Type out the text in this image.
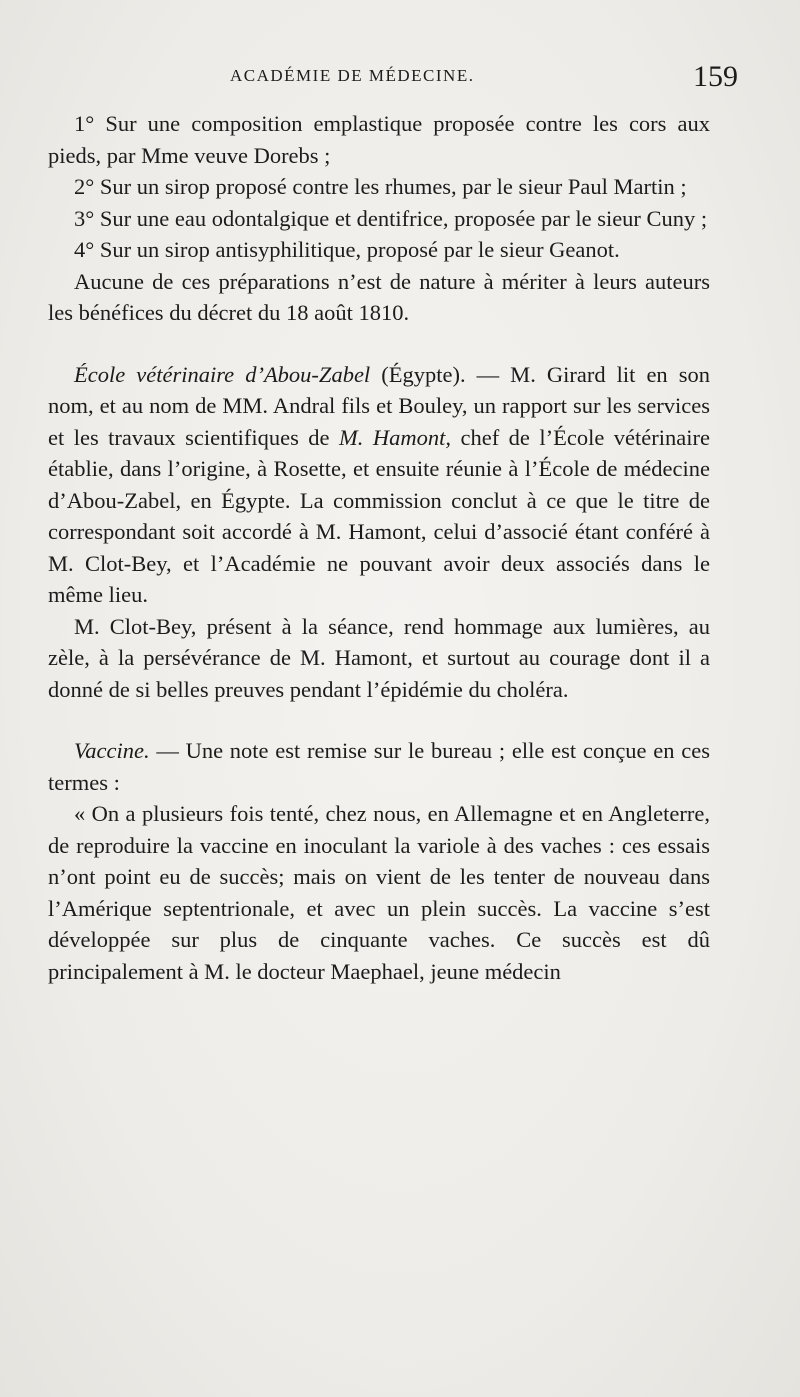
ACADÉMIE DE MÉDECINE.	159

1° Sur une composition emplastique proposée contre les cors aux pieds, par Mme veuve Dorebs ;

2° Sur un sirop proposé contre les rhumes, par le sieur Paul Martin ;

3° Sur une eau odontalgique et dentifrice, proposée par le sieur Cuny ;

4° Sur un sirop antisyphilitique, proposé par le sieur Geanot.

Aucune de ces préparations n’est de nature à mériter à leurs auteurs les bénéfices du décret du 18 août 1810.

École vétérinaire d’Abou-Zabel (Égypte). — M. Girard lit en son nom, et au nom de MM. Andral fils et Bouley, un rapport sur les services et les travaux scientifiques de M. Hamont, chef de l’École vétérinaire établie, dans l’origine, à Rosette, et ensuite réunie à l’École de médecine d’Abou-Zabel, en Égypte. La commission conclut à ce que le titre de correspondant soit accordé à M. Hamont, celui d’associé étant conféré à M. Clot-Bey, et l’Académie ne pouvant avoir deux associés dans le même lieu.

M. Clot-Bey, présent à la séance, rend hommage aux lumières, au zèle, à la persévérance de M. Hamont, et surtout au courage dont il a donné de si belles preuves pendant l’épidémie du choléra.

Vaccine. — Une note est remise sur le bureau ; elle est conçue en ces termes :

« On a plusieurs fois tenté, chez nous, en Allemagne et en Angleterre, de reproduire la vaccine en inoculant la variole à des vaches : ces essais n’ont point eu de succès; mais on vient de les tenter de nouveau dans l’Amérique septentrionale, et avec un plein succès. La vaccine s’est développée sur plus de cinquante vaches. Ce succès est dû principalement à M. le docteur Maephael, jeune médecin
